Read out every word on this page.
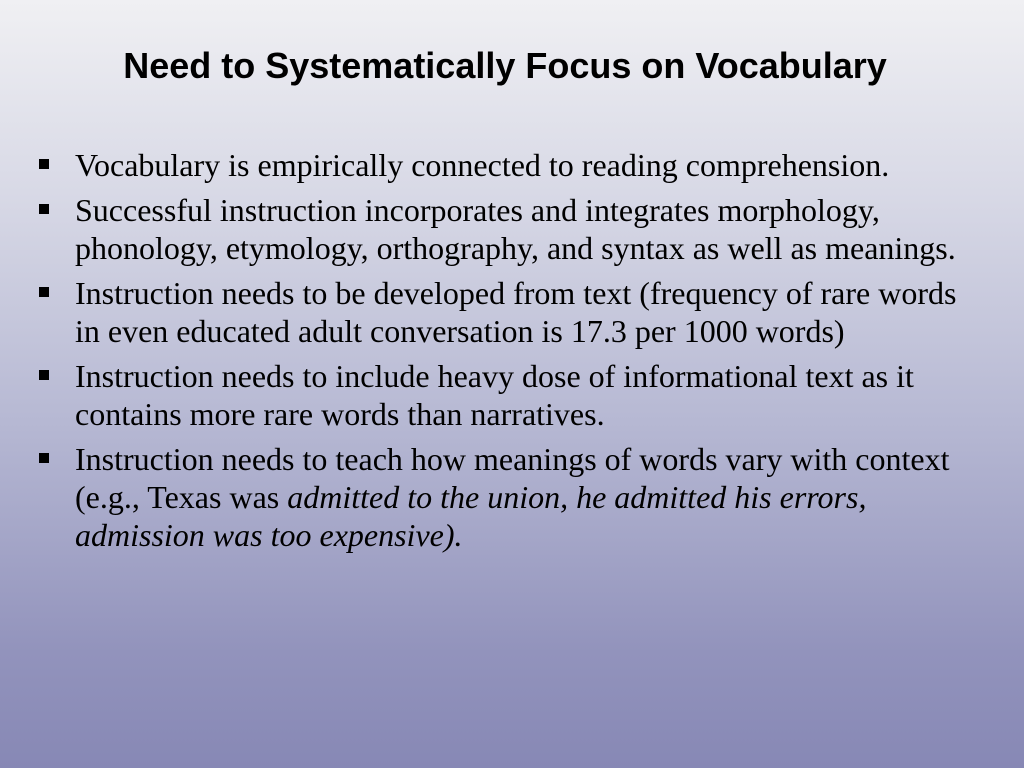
Need to Systematically Focus on Vocabulary
Vocabulary is empirically connected to reading comprehension.
Successful instruction incorporates and integrates morphology, phonology, etymology, orthography, and syntax as well as meanings.
Instruction needs to be developed from text (frequency of rare words in even educated adult conversation is 17.3 per 1000 words)
Instruction needs to include heavy dose of informational text as it contains more rare words than narratives.
Instruction needs to teach how meanings of words vary with context (e.g., Texas was admitted to the union, he admitted his errors, admission was too expensive).
